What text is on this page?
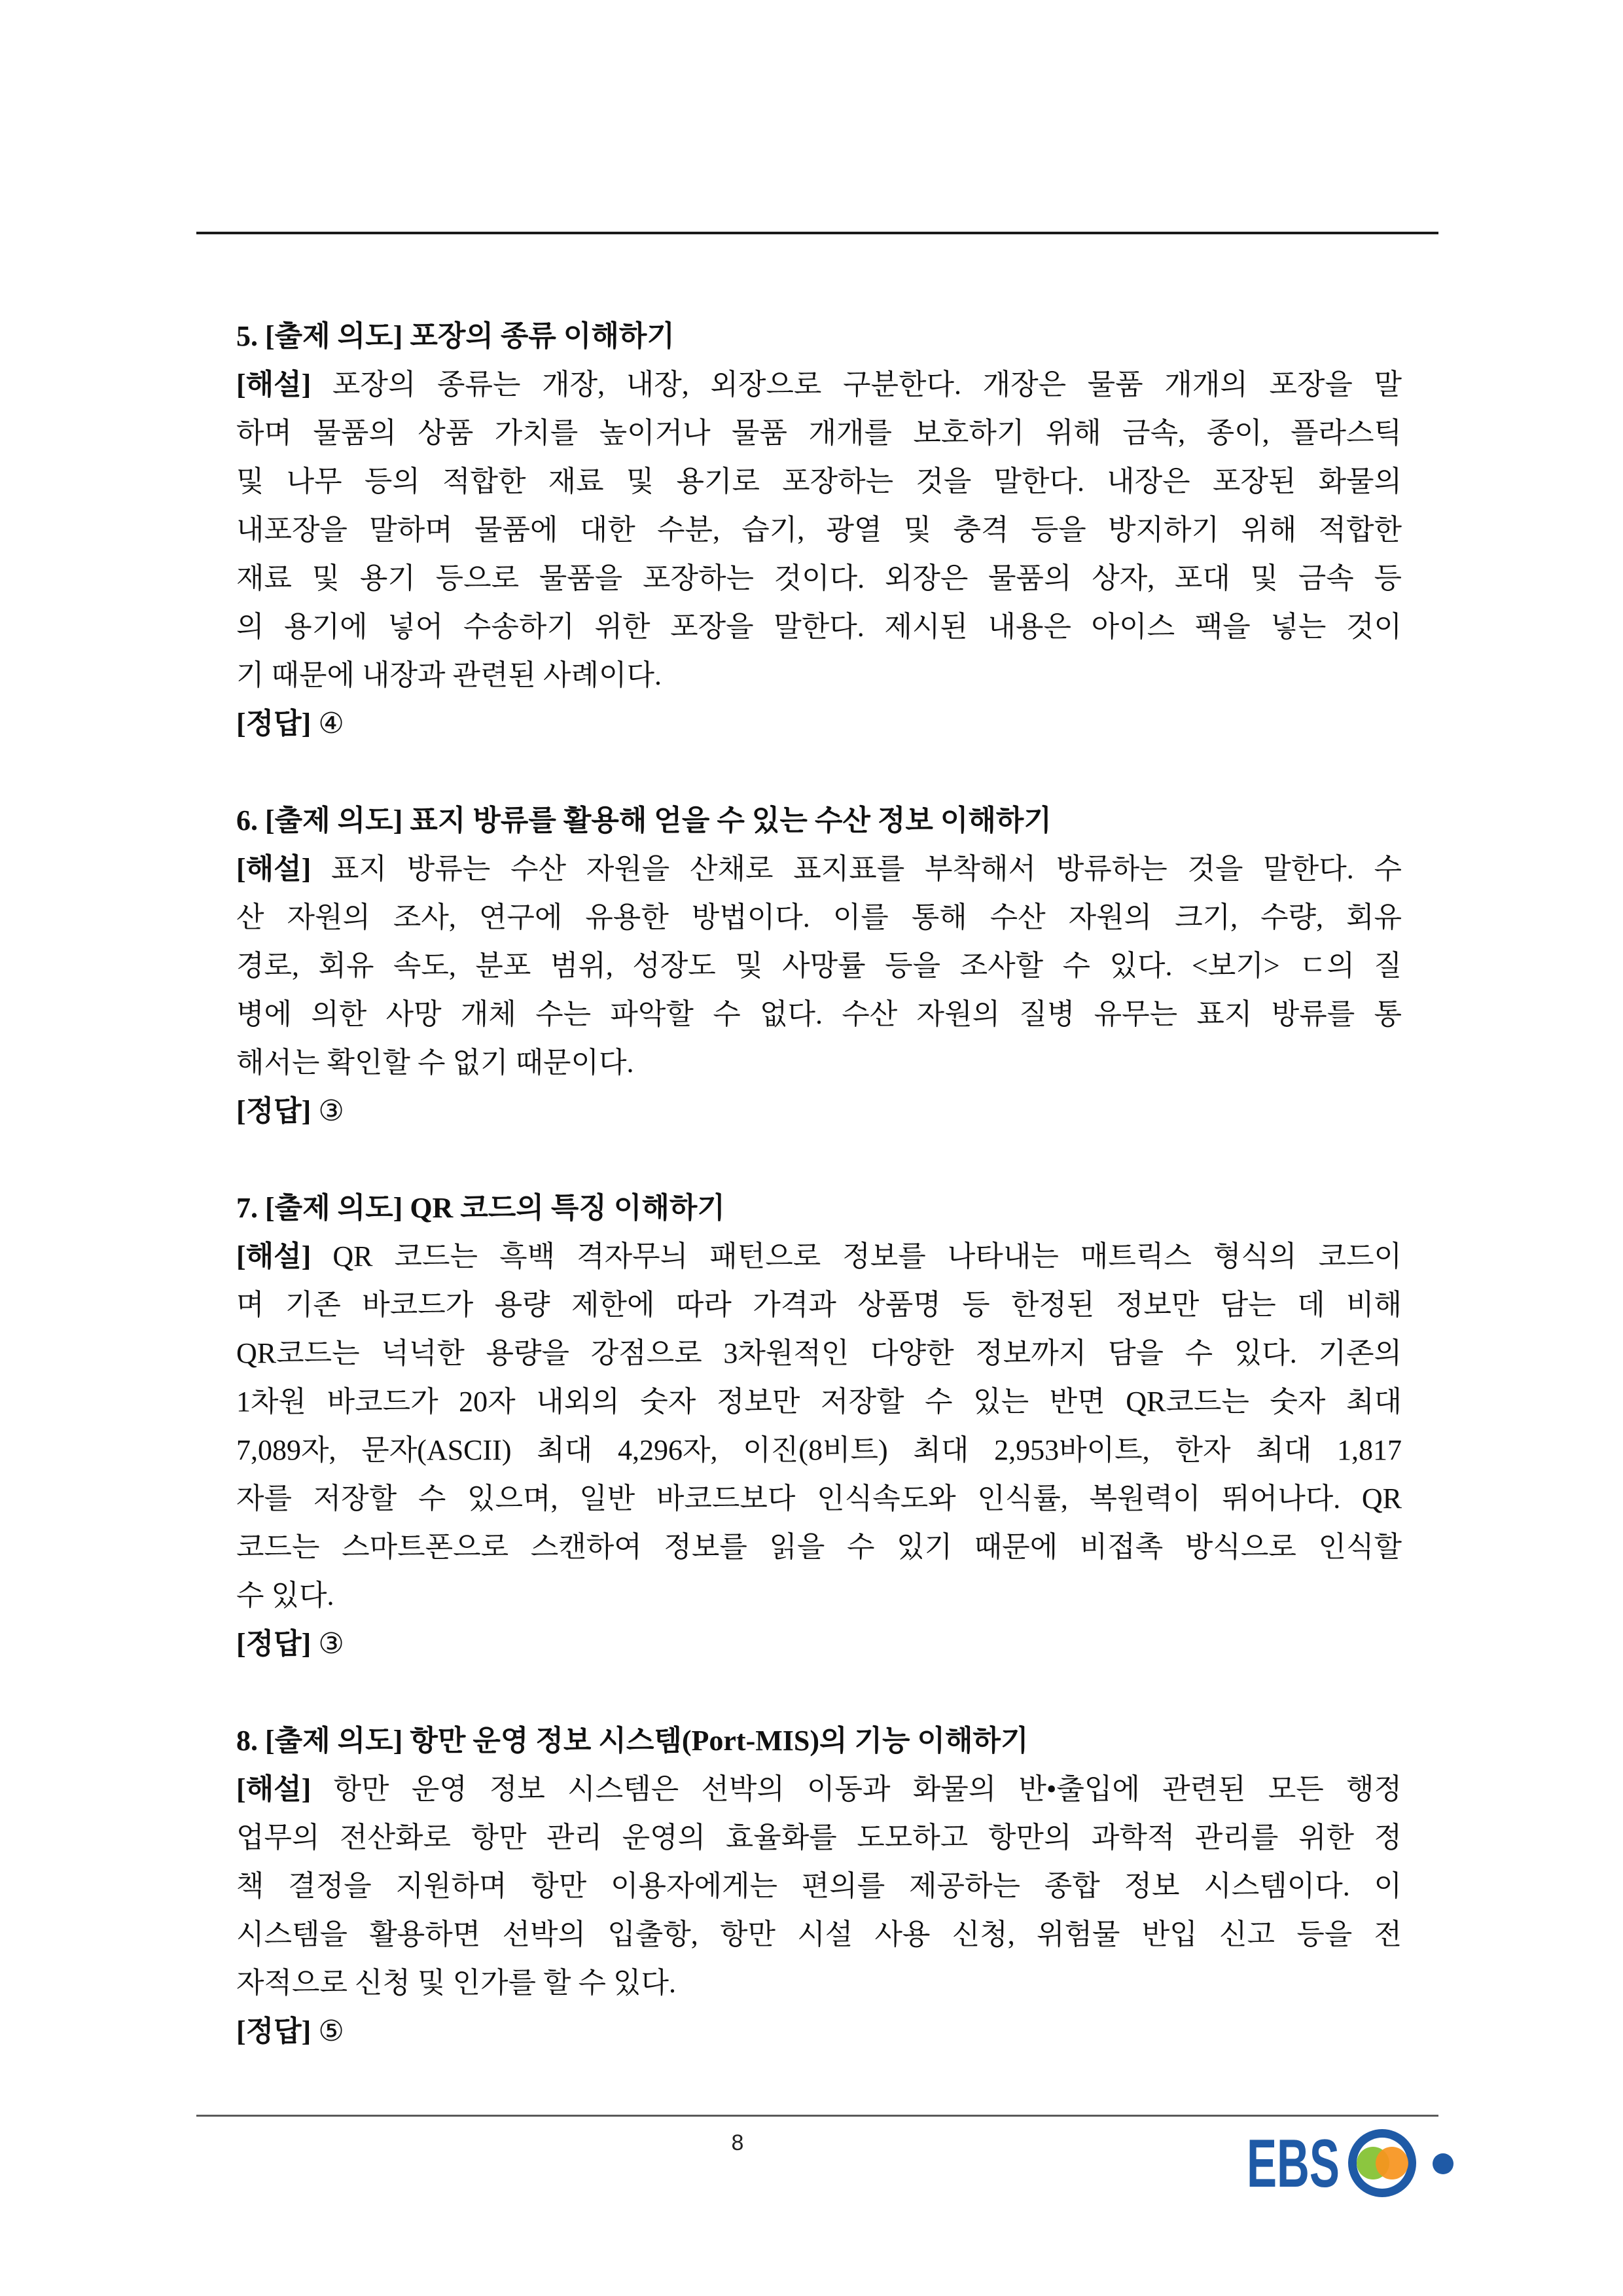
5. [출제 의도] 포장의 종류 이해하기
[해설] 포장의 종류는 개장, 내장, 외장으로 구분한다. 개장은 물품 개개의 포장을 말
하며 물품의 상품 가치를 높이거나 물품 개개를 보호하기 위해 금속, 종이, 플라스틱
및 나무 등의 적합한 재료 및 용기로 포장하는 것을 말한다. 내장은 포장된 화물의
내포장을 말하며 물품에 대한 수분, 습기, 광열 및 충격 등을 방지하기 위해 적합한
재료 및 용기 등으로 물품을 포장하는 것이다. 외장은 물품의 상자, 포대 및 금속 등
의 용기에 넣어 수송하기 위한 포장을 말한다. 제시된 내용은 아이스 팩을 넣는 것이
기 때문에 내장과 관련된 사례이다.
[정답] ④
6. [출제 의도] 표지 방류를 활용해 얻을 수 있는 수산 정보 이해하기
[해설] 표지 방류는 수산 자원을 산채로 표지표를 부착해서 방류하는 것을 말한다. 수
산 자원의 조사, 연구에 유용한 방법이다. 이를 통해 수산 자원의 크기, 수량, 회유
경로, 회유 속도, 분포 범위, 성장도 및 사망률 등을 조사할 수 있다. <보기> ㄷ의 질
병에 의한 사망 개체 수는 파악할 수 없다. 수산 자원의 질병 유무는 표지 방류를 통
해서는 확인할 수 없기 때문이다.
[정답] ③
7. [출제 의도] QR 코드의 특징 이해하기
[해설] QR 코드는 흑백 격자무늬 패턴으로 정보를 나타내는 매트릭스 형식의 코드이
며 기존 바코드가 용량 제한에 따라 가격과 상품명 등 한정된 정보만 담는 데 비해
QR코드는 넉넉한 용량을 강점으로 3차원적인 다양한 정보까지 담을 수 있다. 기존의
1차원 바코드가 20자 내외의 숫자 정보만 저장할 수 있는 반면 QR코드는 숫자 최대
7,089자, 문자(ASCII) 최대 4,296자, 이진(8비트) 최대 2,953바이트, 한자 최대 1,817
자를 저장할 수 있으며, 일반 바코드보다 인식속도와 인식률, 복원력이 뛰어나다. QR
코드는 스마트폰으로 스캔하여 정보를 읽을 수 있기 때문에 비접촉 방식으로 인식할
수 있다.
[정답] ③
8. [출제 의도] 항만 운영 정보 시스템(Port-MIS)의 기능 이해하기
[해설] 항만 운영 정보 시스템은 선박의 이동과 화물의 반•출입에 관련된 모든 행정
업무의 전산화로 항만 관리 운영의 효율화를 도모하고 항만의 과학적 관리를 위한 정
책 결정을 지원하며 항만 이용자에게는 편의를 제공하는 종합 정보 시스템이다. 이
시스템을 활용하면 선박의 입출항, 항만 시설 사용 신청, 위험물 반입 신고 등을 전
자적으로 신청 및 인가를 할 수 있다.
[정답] ⑤
8	EBS
